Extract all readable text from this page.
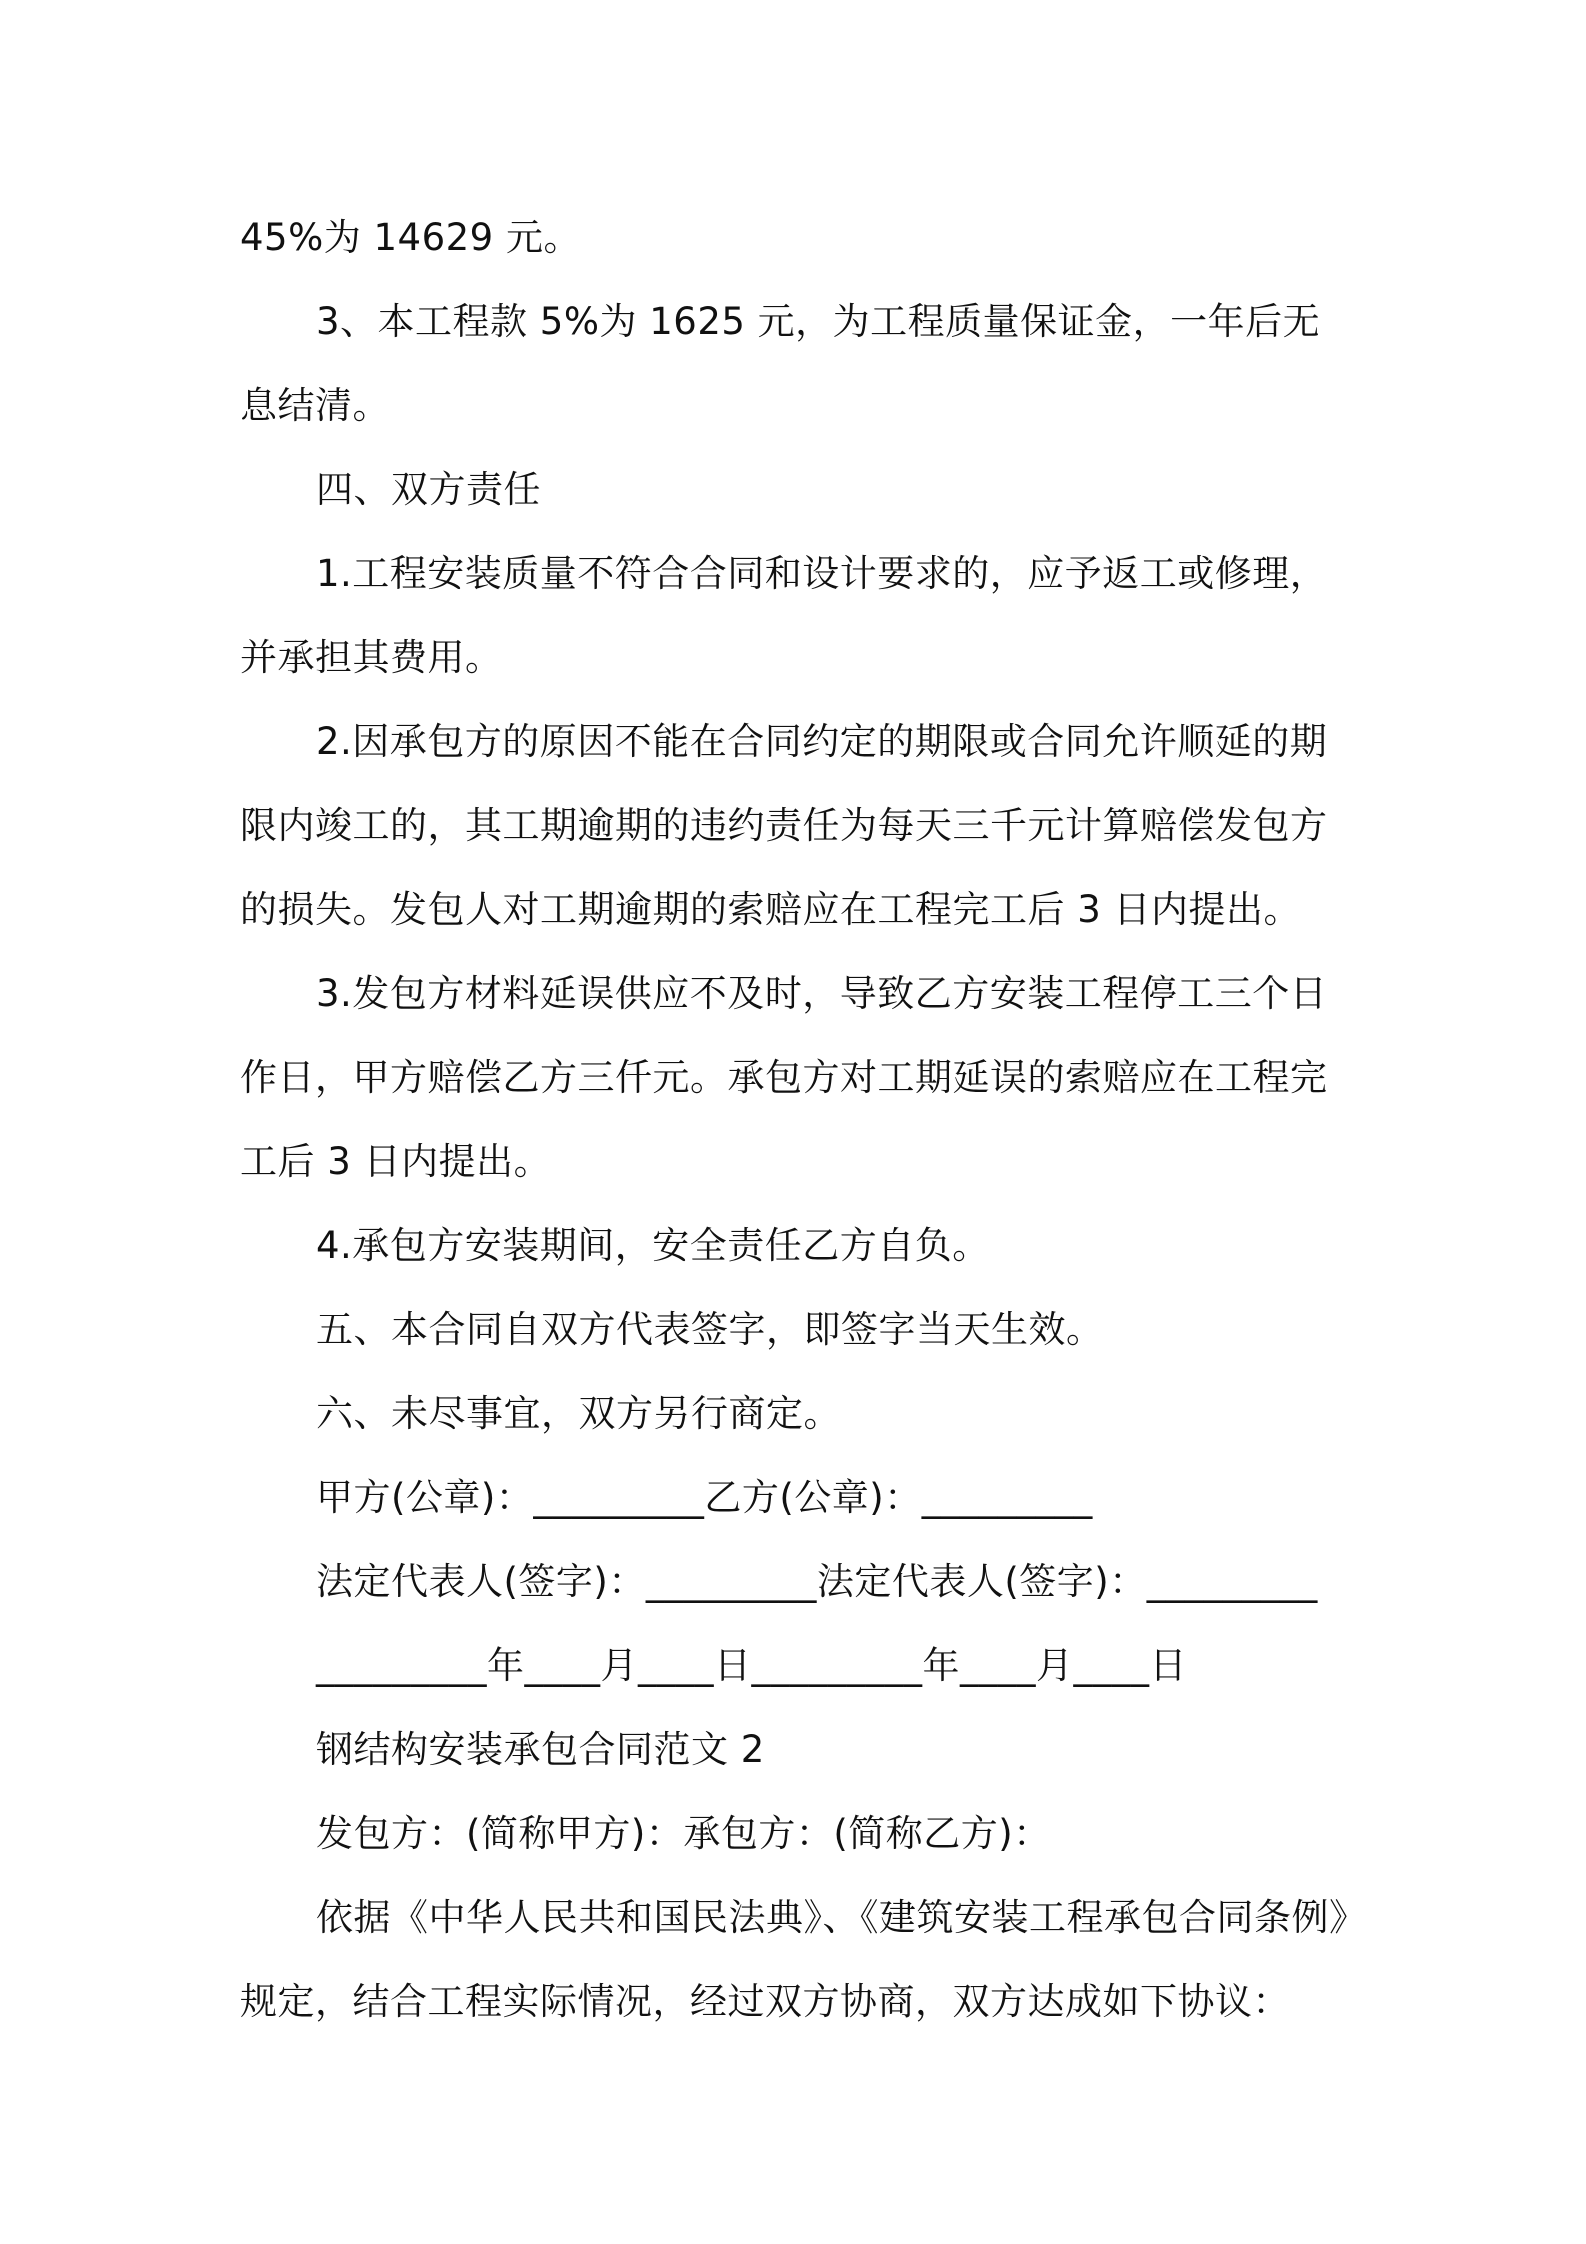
45%为 14629 元。

3、本工程款 5%为 1625 元，为工程质量保证金，一年后无息结清。

四、双方责任

1.工程安装质量不符合合同和设计要求的，应予返工或修理，并承担其费用。

2.因承包方的原因不能在合同约定的期限或合同允许顺延的期限内竣工的，其工期逾期的违约责任为每天三千元计算赔偿发包方的损失。发包人对工期逾期的索赔应在工程完工后 3 日内提出。

3.发包方材料延误供应不及时，导致乙方安装工程停工三个日作日，甲方赔偿乙方三仟元。承包方对工期延误的索赔应在工程完工后 3 日内提出。

4.承包方安装期间，安全责任乙方自负。

五、本合同自双方代表签字，即签字当天生效。

六、未尽事宜，双方另行商定。

甲方(公章)：_________乙方(公章)：_________

法定代表人(签字)：_________法定代表人(签字)：_________

_________年____月____日_________年____月____日

钢结构安装承包合同范文 2

发包方：(简称甲方)：承包方：(简称乙方)：

依据《中华人民共和国民法典》、《建筑安装工程承包合同条例》规定，结合工程实际情况，经过双方协商，双方达成如下协议：
